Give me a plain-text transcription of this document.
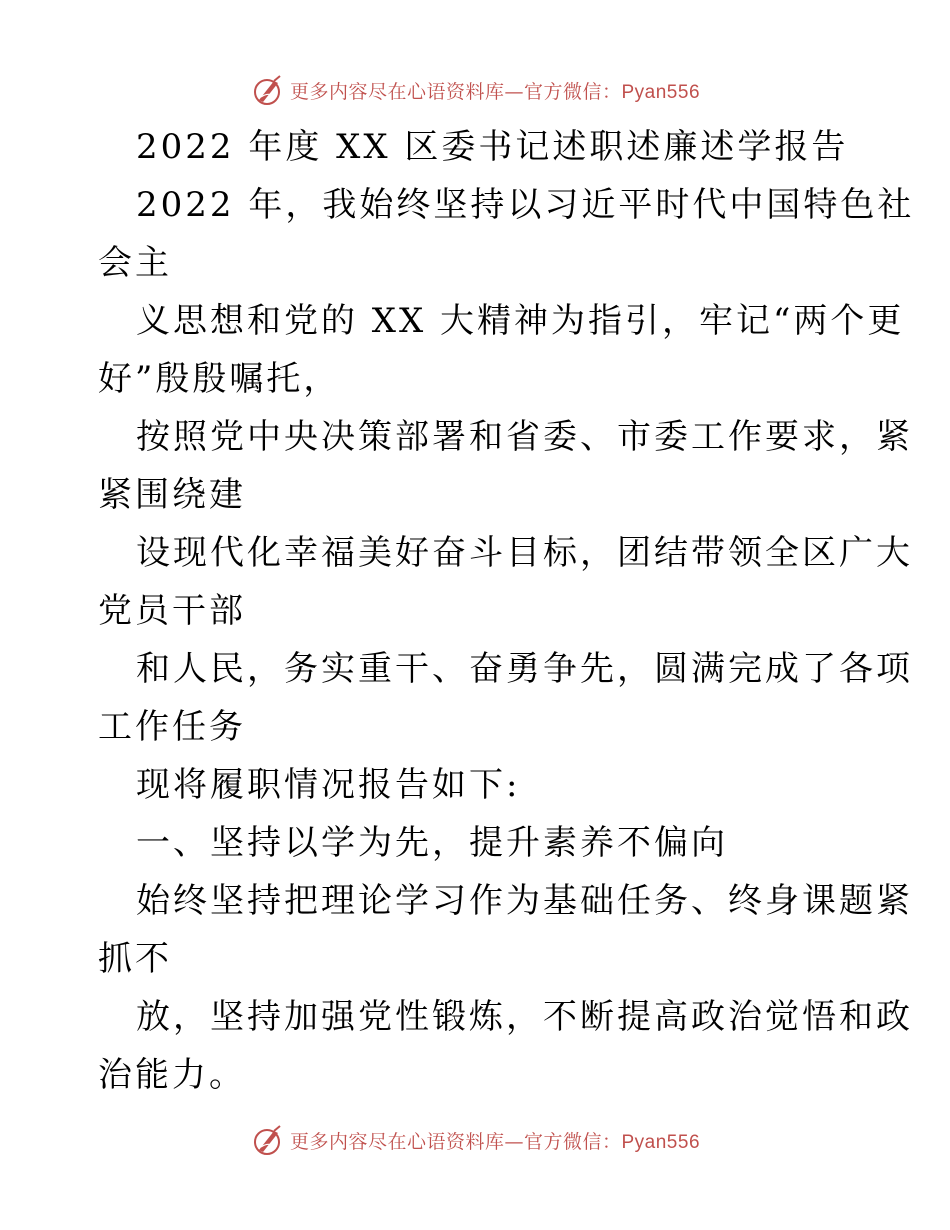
更多内容尽在心语资料库—官方微信：Pyan556
2022 年度 XX 区委书记述职述廉述学报告
2022 年，我始终坚持以习近平时代中国特色社
会主
义思想和党的 XX 大精神为指引，牢记“两个更
好”殷殷嘱托，
按照党中央决策部署和省委、市委工作要求，紧
紧围绕建
设现代化幸福美好奋斗目标，团结带领全区广大
党员干部
和人民，务实重干、奋勇争先，圆满完成了各项
工作任务
现将履职情况报告如下:
一、坚持以学为先，提升素养不偏向
始终坚持把理论学习作为基础任务、终身课题紧
抓不
放，坚持加强党性锻炼，不断提高政治觉悟和政
治能力。
更多内容尽在心语资料库—官方微信：Pyan556
